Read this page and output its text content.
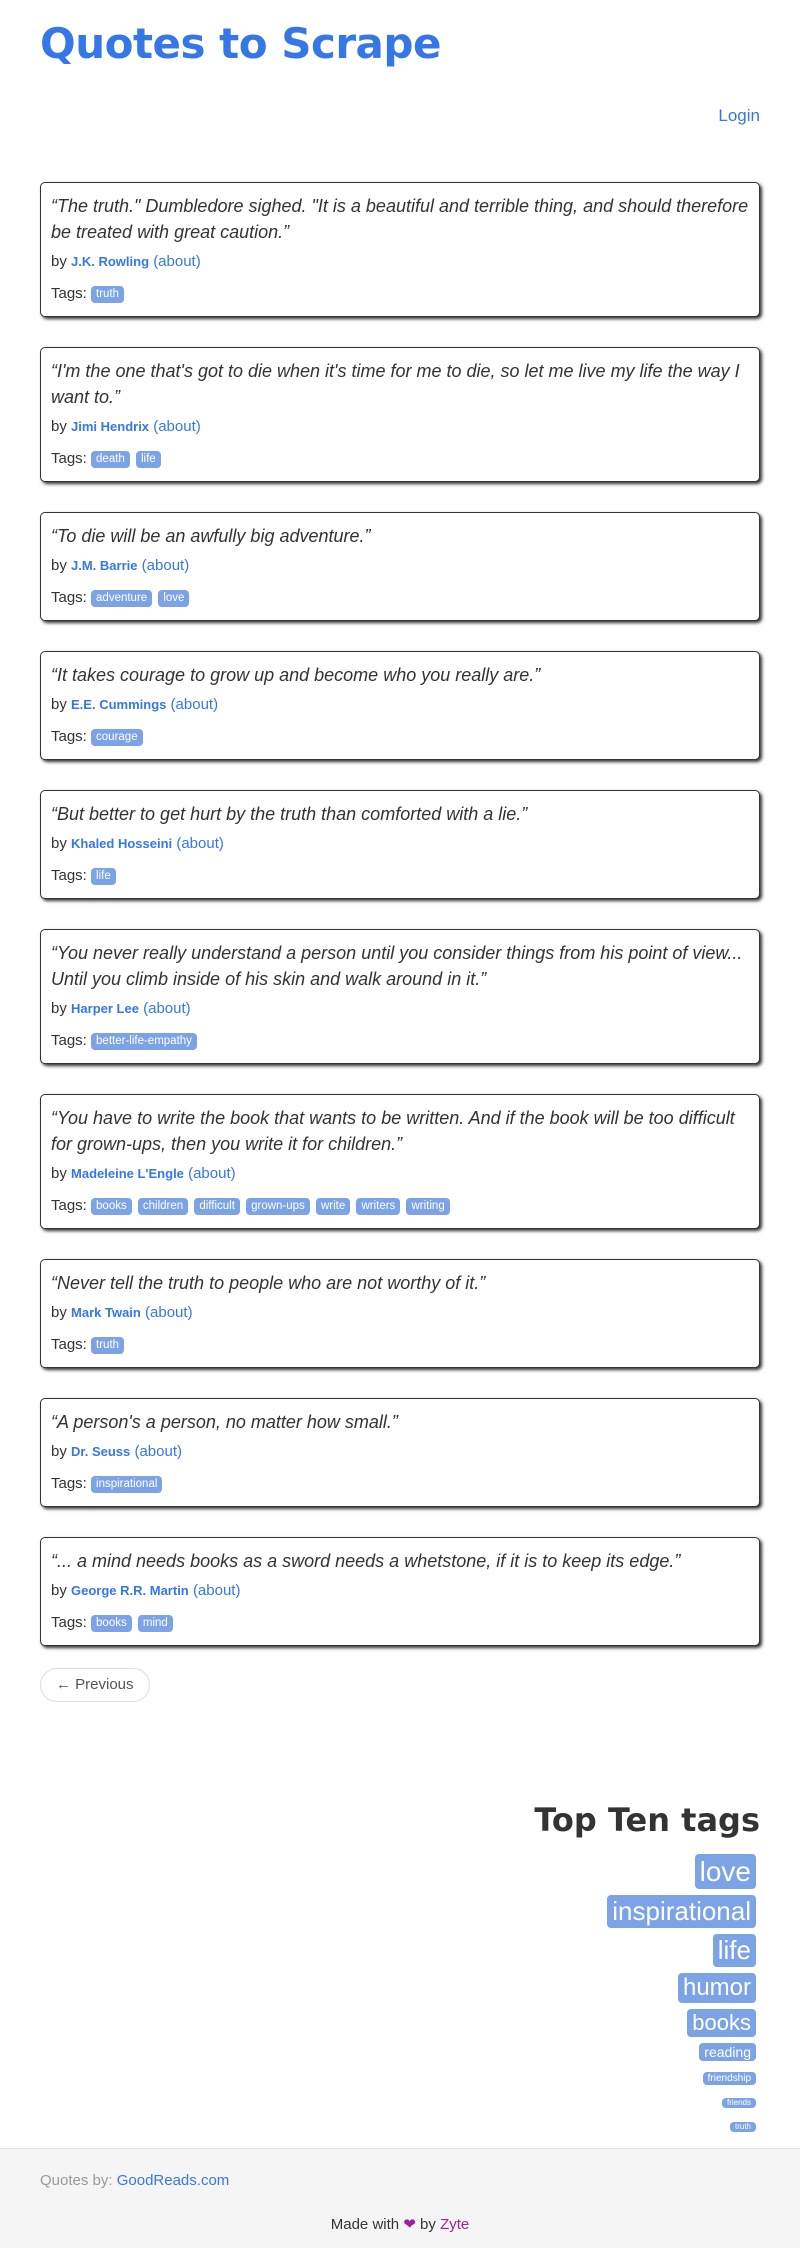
Quotes to Scrape
Login
“The truth." Dumbledore sighed. "It is a beautiful and terrible thing, and should therefore be treated with great caution.”
by J.K. Rowling (about)
Tags: truth
“I'm the one that's got to die when it's time for me to die, so let me live my life the way I want to.”
by Jimi Hendrix (about)
Tags: death life
“To die will be an awfully big adventure.”
by J.M. Barrie (about)
Tags: adventure love
“It takes courage to grow up and become who you really are.”
by E.E. Cummings (about)
Tags: courage
“But better to get hurt by the truth than comforted with a lie.”
by Khaled Hosseini (about)
Tags: life
“You never really understand a person until you consider things from his point of view... Until you climb inside of his skin and walk around in it.”
by Harper Lee (about)
Tags: better-life-empathy
“You have to write the book that wants to be written. And if the book will be too difficult for grown-ups, then you write it for children.”
by Madeleine L'Engle (about)
Tags: books children difficult grown-ups write writers writing
“Never tell the truth to people who are not worthy of it.”
by Mark Twain (about)
Tags: truth
“A person's a person, no matter how small.”
by Dr. Seuss (about)
Tags: inspirational
“... a mind needs books as a sword needs a whetstone, if it is to keep its edge.”
by George R.R. Martin (about)
Tags: books mind
← Previous
Top Ten tags
love
inspirational
life
humor
books
reading
friendship
friends
truth
Quotes by: GoodReads.com
Made with ❤ by Zyte
